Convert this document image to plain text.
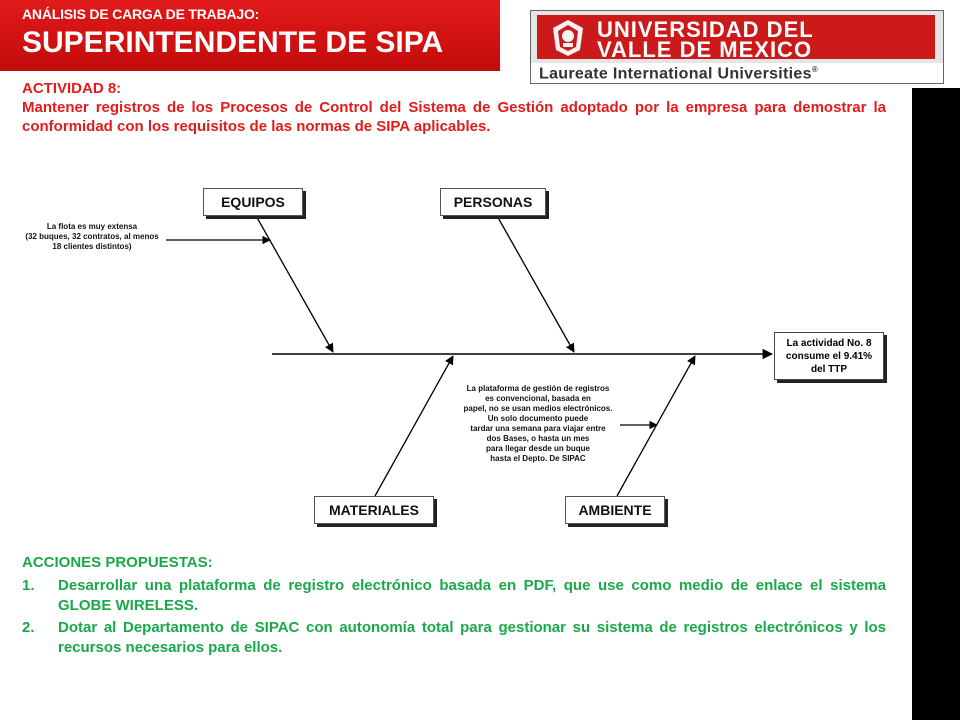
ANÁLISIS DE CARGA DE TRABAJO:
SUPERINTENDENTE DE SIPA	UNIVERSIDAD DEL
VALLE DE MEXICO
Laureate International Universities®
ACTIVIDAD 8:
Mantener registros de los Procesos de Control del Sistema de Gestión adoptado por la empresa para demostrar la conformidad con los requisitos de las normas de SIPA aplicables.
EQUIPOS	PERSONAS
MATERIALES	AMBIENTE
La actividad No. 8
consume el 9.41%
del TTP
La flota es muy extensa
(32 buques, 32 contratos, al menos
18 clientes distintos)
La plataforma de gestión de registros
es convencional, basada en
papel, no se usan medios electrónicos.
Un solo documento puede
tardar una semana para viajar entre
dos Bases, o hasta un mes
para llegar desde un buque
hasta el Depto. De SIPAC
ACCIONES PROPUESTAS:
1. Desarrollar una plataforma de registro electrónico basada en PDF, que use como medio de enlace el sistema GLOBE WIRELESS.
2. Dotar al Departamento de SIPAC con autonomía total para gestionar su sistema de registros electrónicos y los recursos necesarios para ellos.
